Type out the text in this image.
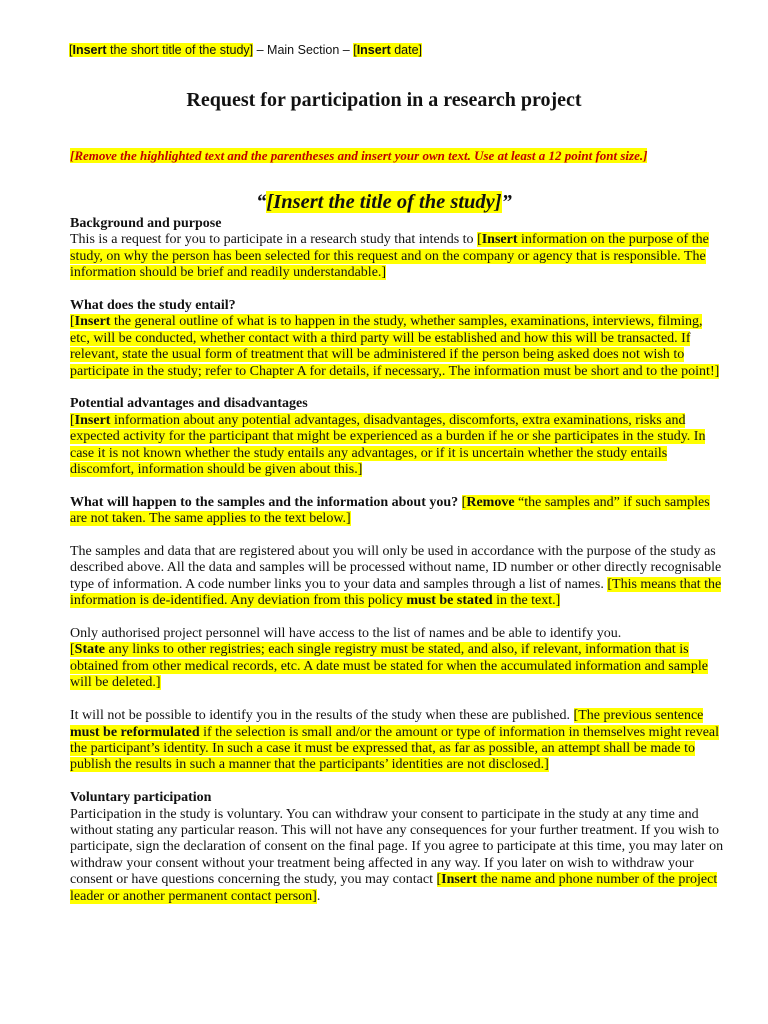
[Insert the short title of the study] – Main Section – [Insert date]
Request for participation in a research project
[Remove the highlighted text and the parentheses and insert your own text. Use at least a 12 point font size.]
“[Insert the title of the study]”
Background and purpose

This is a request for you to participate in a research study that intends to [Insert information on the purpose of the study, on why the person has been selected for this request and on the company or agency that is responsible. The information should be brief and readily understandable.]

What does the study entail?

[Insert the general outline of what is to happen in the study, whether samples, examinations, interviews, filming, etc, will be conducted, whether contact with a third party will be established and how this will be transacted. If relevant, state the usual form of treatment that will be administered if the person being asked does not wish to participate in the study; refer to Chapter A for details, if necessary,. The information must be short and to the point!]

Potential advantages and disadvantages

[Insert information about any potential advantages, disadvantages, discomforts, extra examinations, risks and expected activity for the participant that might be experienced as a burden if he or she participates in the study. In case it is not known whether the study entails any advantages, or if it is uncertain whether the study entails discomfort, information should be given about this.]

What will happen to the samples and the information about you? [Remove “the samples and” if such samples are not taken. The same applies to the text below.]

The samples and data that are registered about you will only be used in accordance with the purpose of the study as described above. All the data and samples will be processed without name, ID number or other directly recognisable type of information. A code number links you to your data and samples through a list of names. [This means that the information is de-identified. Any deviation from this policy must be stated in the text.]

Only authorised project personnel will have access to the list of names and be able to identify you.
[State any links to other registries; each single registry must be stated, and also, if relevant, information that is obtained from other medical records, etc. A date must be stated for when the accumulated information and sample will be deleted.]

It will not be possible to identify you in the results of the study when these are published. [The previous sentence must be reformulated if the selection is small and/or the amount or type of information in themselves might reveal the participant’s identity. In such a case it must be expressed that, as far as possible, an attempt shall be made to publish the results in such a manner that the participants’ identities are not disclosed.]

Voluntary participation

Participation in the study is voluntary. You can withdraw your consent to participate in the study at any time and without stating any particular reason. This will not have any consequences for your further treatment. If you wish to participate, sign the declaration of consent on the final page. If you agree to participate at this time, you may later on withdraw your consent without your treatment being affected in any way. If you later on wish to withdraw your consent or have questions concerning the study, you may contact [Insert the name and phone number of the project leader or another permanent contact person].
